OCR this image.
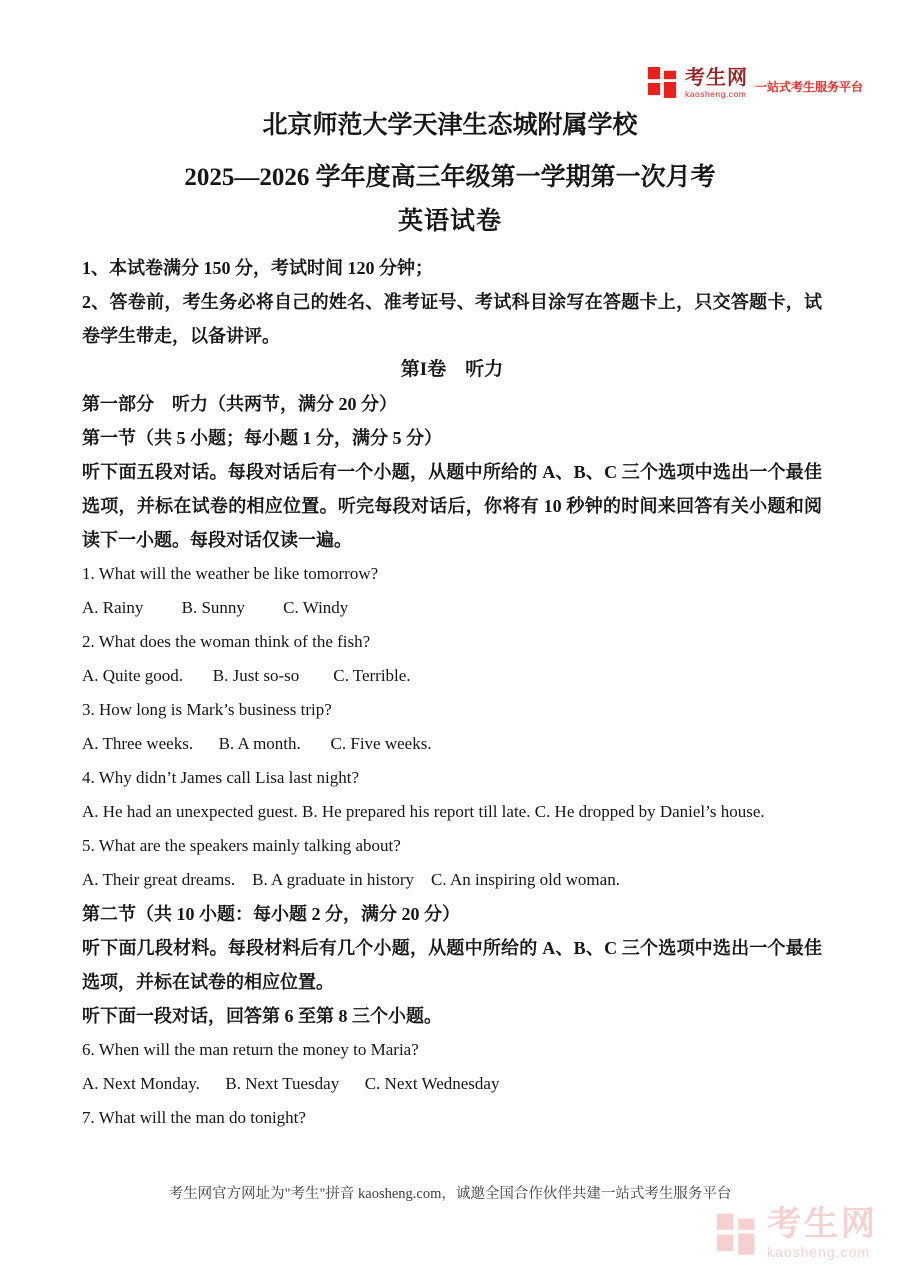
考生网
kaosheng.com 一站式考生服务平台

北京师范大学天津生态城附属学校

2025—2026 学年度高三年级第一学期第一次月考

英语试卷

1、本试卷满分 150 分，考试时间 120 分钟；

2、答卷前，考生务必将自己的姓名、准考证号、考试科目涂写在答题卡上，只交答题卡，试卷学生带走，以备讲评。

第I卷　听力

第一部分　听力（共两节，满分 20 分）

第一节（共 5 小题；每小题 1 分，满分 5 分）

听下面五段对话。每段对话后有一个小题，从题中所给的 A、B、C 三个选项中选出一个最佳选项，并标在试卷的相应位置。听完每段对话后，你将有 10 秒钟的时间来回答有关小题和阅读下一小题。每段对话仅读一遍。

1. What will the weather be like tomorrow?

A. Rainy         B. Sunny         C. Windy

2. What does the woman think of the fish?

A. Quite good.       B. Just so-so        C. Terrible.

3. How long is Mark’s business trip?

A. Three weeks.      B. A month.       C. Five weeks.

4. Why didn’t James call Lisa last night?

A. He had an unexpected guest. B. He prepared his report till late. C. He dropped by Daniel’s house.

5. What are the speakers mainly talking about?

A. Their great dreams.    B. A graduate in history    C. An inspiring old woman.

第二节（共 10 小题：每小题 2 分，满分 20 分）

听下面几段材料。每段材料后有几个小题，从题中所给的 A、B、C 三个选项中选出一个最佳选项，并标在试卷的相应位置。

听下面一段对话，回答第 6 至第 8 三个小题。

6. When will the man return the money to Maria?

A. Next Monday.      B. Next Tuesday      C. Next Wednesday

7. What will the man do tonight?

考生网官方网址为"考生"拼音 kaosheng.com，诚邀全国合作伙伴共建一站式考生服务平台
考生网
kaosheng.com
